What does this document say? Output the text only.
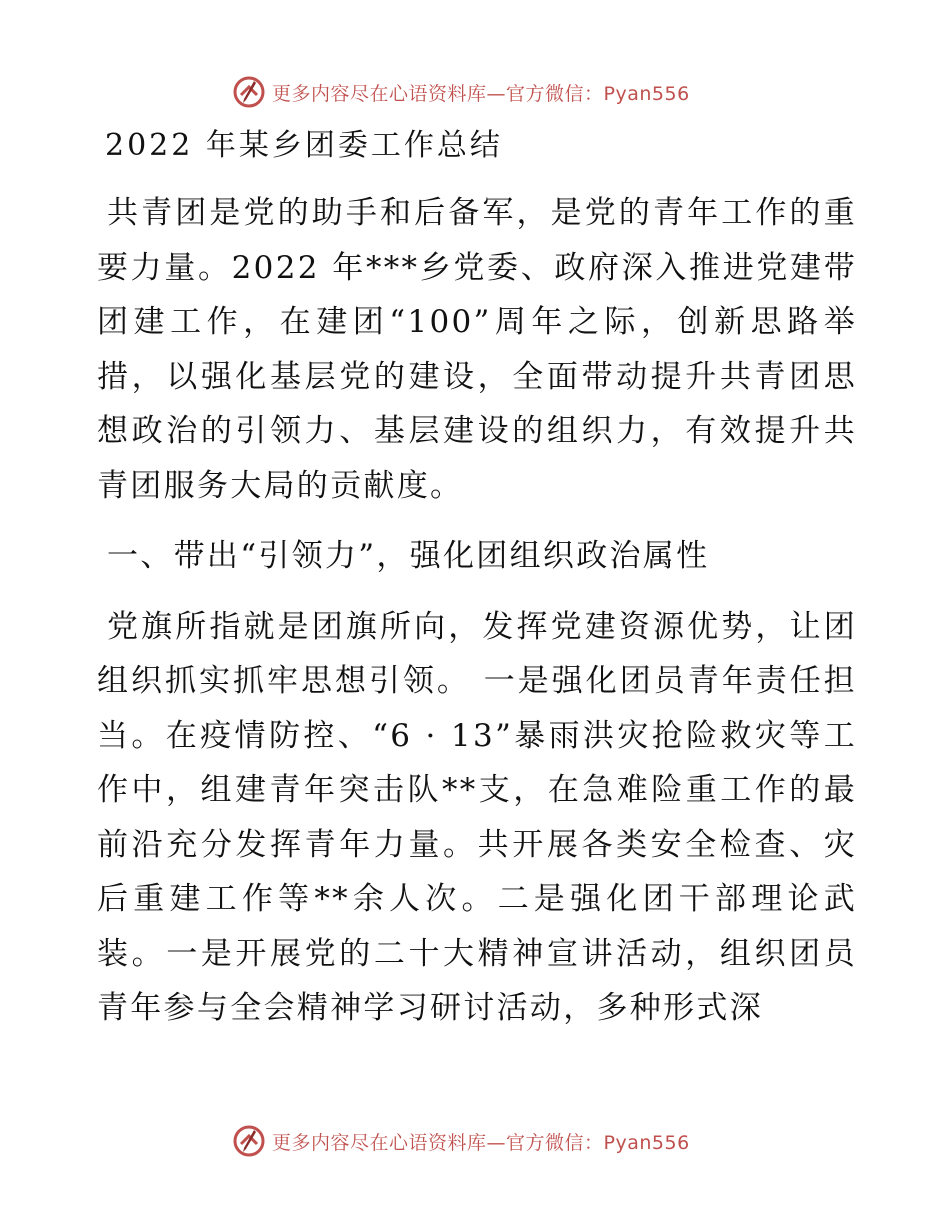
更多内容尽在心语资料库—官方微信：Pyan556
2022 年某乡团委工作总结

共青团是党的助手和后备军，是党的青年工作的重要力量。2022 年***乡党委、政府深入推进党建带团建工作，在建团“100”周年之际，创新思路举措，以强化基层党的建设，全面带动提升共青团思想政治的引领力、基层建设的组织力，有效提升共青团服务大局的贡献度。

一、带出“引领力”，强化团组织政治属性

党旗所指就是团旗所向，发挥党建资源优势，让团组织抓实抓牢思想引领。 一是强化团员青年责任担当。在疫情防控、“6 · 13”暴雨洪灾抢险救灾等工作中，组建青年突击队**支，在急难险重工作的最前沿充分发挥青年力量。共开展各类安全检查、灾后重建工作等**余人次。二是强化团干部理论武装。一是开展党的二十大精神宣讲活动，组织团员青年参与全会精神学习研讨活动，多种形式深

更多内容尽在心语资料库—官方微信：Pyan556
